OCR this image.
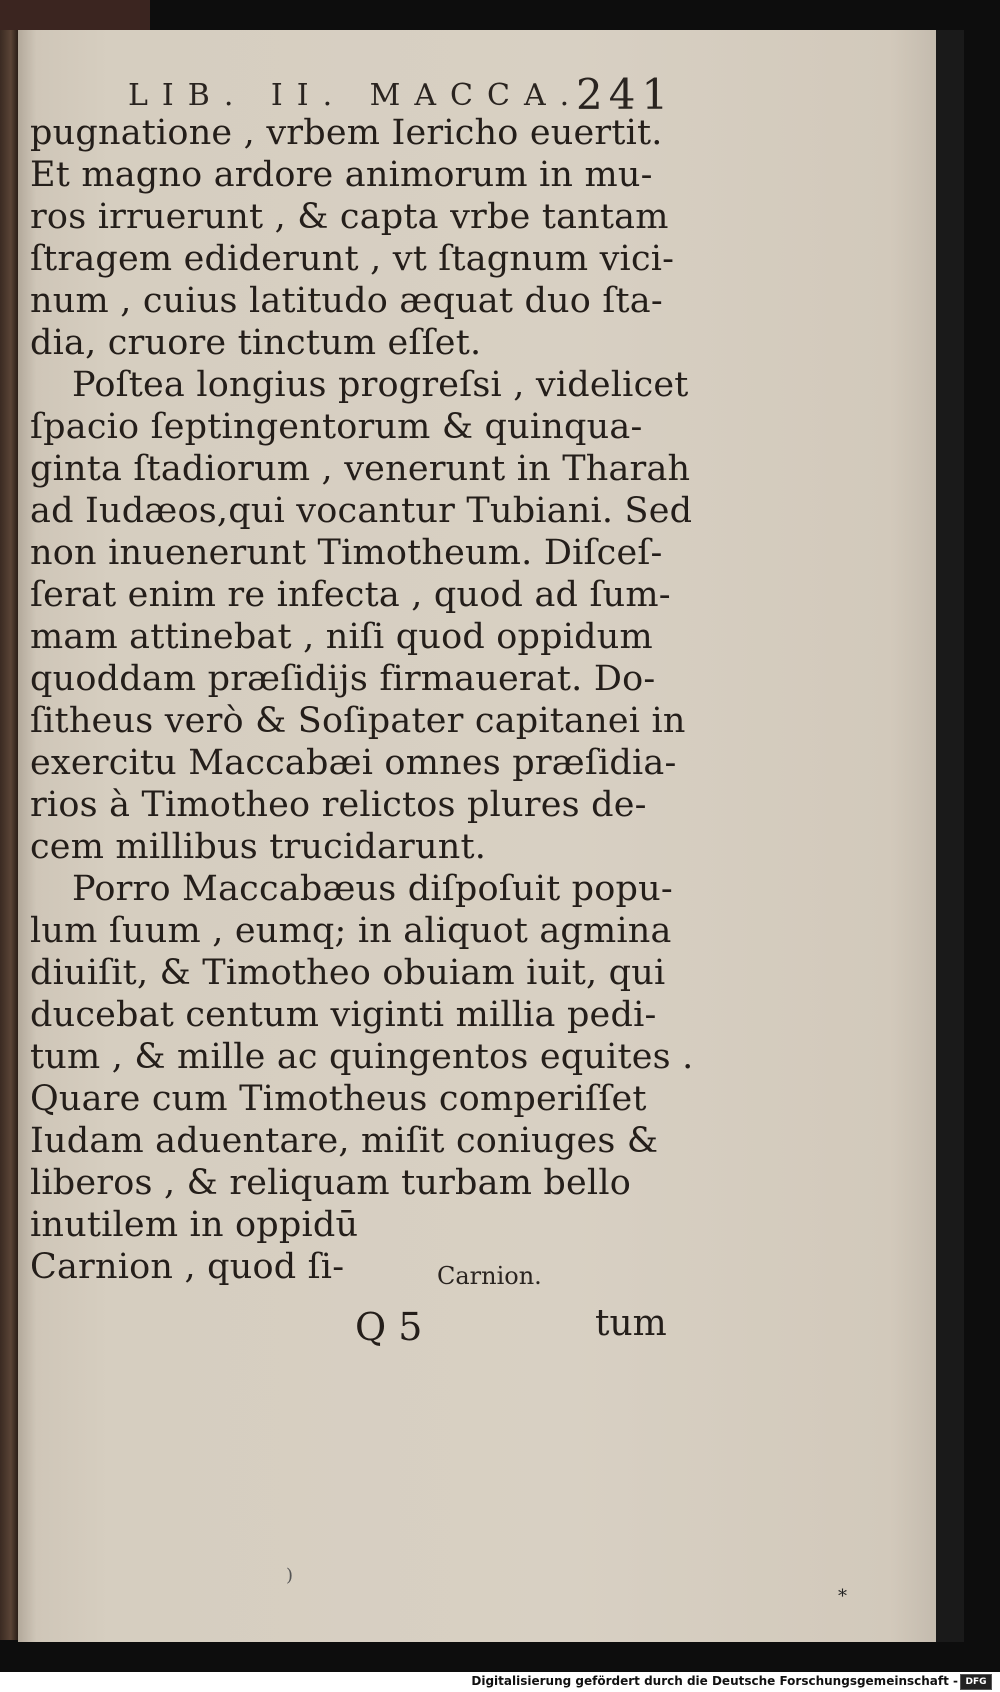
LIB. II. MACCA.
241
pugnatione , vrbem Iericho euertit.
Et magno ardore animorum in mu-
ros irruerunt , & capta vrbe tantam
ſtragem ediderunt , vt ſtagnum vici-
num , cuius latitudo æquat duo ſta-
dia, cruore tinctum eſſet.
Poſtea longius progreſsi , videlicet
ſpacio ſeptingentorum & quinqua-
ginta ſtadiorum , venerunt in Tharah
ad Iudæos,qui vocantur Tubiani. Sed
non inuenerunt Timotheum. Diſceſ-
ſerat enim re infecta , quod ad ſum-
mam attinebat , niſi quod oppidum
quoddam præſidijs firmauerat. Do-
ſitheus verò & Soſipater capitanei in
exercitu Maccabæi omnes præſidia-
rios à Timotheo relictos plures de-
cem millibus trucidarunt.
Porro Maccabæus diſpoſuit popu-
lum ſuum , eumq; in aliquot agmina
diuiſit, & Timotheo obuiam iuit, qui
ducebat centum viginti millia pedi-
tum , & mille ac quingentos equites .
Quare cum Timotheus comperiſſet
Iudam aduentare, miſit coniuges &
liberos , & reliquam turbam bello
inutilem in oppidū
Carnion , quod ſi-	Carnion.
Q 5	tum
)
*
Digitalisierung gefördert durch die Deutsche Forschungsgemeinschaft - DFG
